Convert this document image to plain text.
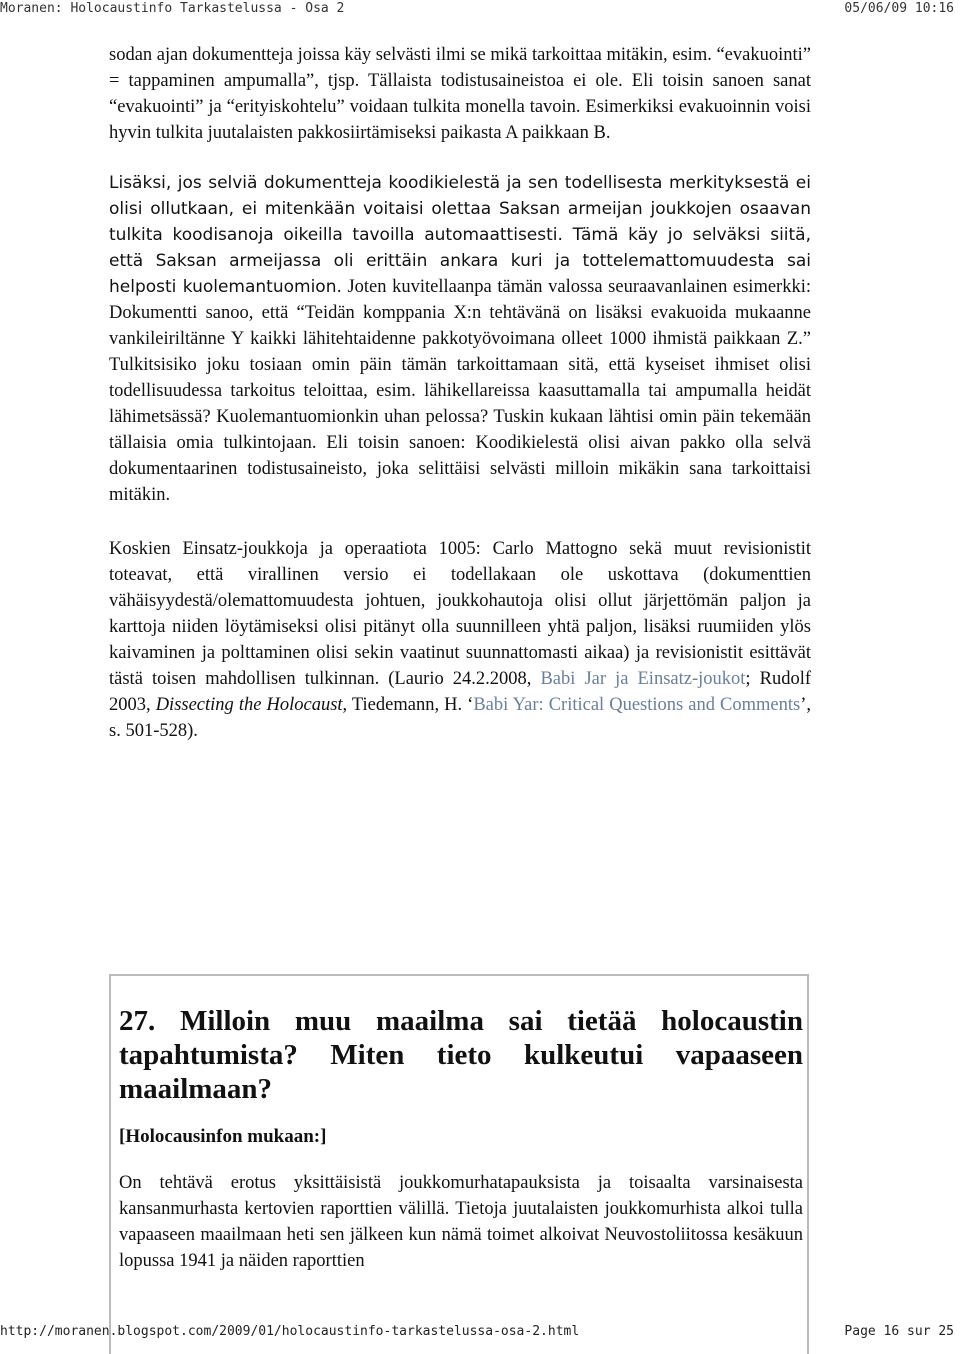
Moranen: Holocaustinfo Tarkastelussa - Osa 2	05/06/09 10:16

sodan ajan dokumentteja joissa käy selvästi ilmi se mikä tarkoittaa mitäkin, esim. “evakuointi” = tappaminen ampumalla”, tjsp. Tällaista todistusaineistoa ei ole. Eli toisin sanoen sanat “evakuointi” ja “erityiskohtelu” voidaan tulkita monella tavoin. Esimerkiksi evakuoinnin voisi hyvin tulkita juutalaisten pakkosiirtämiseksi paikasta A paikkaan B.

Lisäksi, jos selviä dokumentteja koodikielestä ja sen todellisesta merkityksestä ei olisi ollutkaan, ei mitenkään voitaisi olettaa Saksan armeijan joukkojen osaavan tulkita koodisanoja oikeilla tavoilla automaattisesti. Tämä käy jo selväksi siitä, että Saksan armeijassa oli erittäin ankara kuri ja tottelemattomuudesta sai helposti kuolemantuomion. Joten kuvitellaanpa tämän valossa seuraavanlainen esimerkki: Dokumentti sanoo, että “Teidän komppania X:n tehtävänä on lisäksi evakuoida mukaanne vankileiriltänne Y kaikki lähitehtaidenne pakkotyövoimana olleet 1000 ihmistä paikkaan Z.” Tulkitsisiko joku tosiaan omin päin tämän tarkoittamaan sitä, että kyseiset ihmiset olisi todellisuudessa tarkoitus teloittaa, esim. lähikellareissa kaasuttamalla tai ampumalla heidät lähimetsässä? Kuolemantuomionkin uhan pelossa? Tuskin kukaan lähtisi omin päin tekemään tällaisia omia tulkintojaan. Eli toisin sanoen: Koodikielestä olisi aivan pakko olla selvä dokumentaarinen todistusaineisto, joka selittäisi selvästi milloin mikäkin sana tarkoittaisi mitäkin.

Koskien Einsatz-joukkoja ja operaatiota 1005: Carlo Mattogno sekä muut revisionistit toteavat, että virallinen versio ei todellakaan ole uskottava (dokumenttien vähäisyydestä/olemattomuudesta johtuen, joukkohautoja olisi ollut järjettömän paljon ja karttoja niiden löytämiseksi olisi pitänyt olla suunnilleen yhtä paljon, lisäksi ruumiiden ylös kaivaminen ja polttaminen olisi sekin vaatinut suunnattomasti aikaa) ja revisionistit esittävät tästä toisen mahdollisen tulkinnan. (Laurio 24.2.2008, Babi Jar ja Einsatz-joukot; Rudolf 2003, Dissecting the Holocaust, Tiedemann, H. ‘Babi Yar: Critical Questions and Comments’, s. 501-528).

27. Milloin muu maailma sai tietää holocaustin tapahtumista? Miten tieto kulkeutui vapaaseen maailmaan?
[Holocausinfon mukaan:]

On tehtävä erotus yksittäisistä joukkomurhatapauksista ja toisaalta varsinaisesta kansanmurhasta kertovien raporttien välillä. Tietoja juutalaisten joukkomurhista alkoi tulla vapaaseen maailmaan heti sen jälkeen kun nämä toimet alkoivat Neuvostoliitossa kesäkuun lopussa 1941 ja näiden raporttien

http://moranen.blogspot.com/2009/01/holocaustinfo-tarkastelussa-osa-2.html	Page 16 sur 25
